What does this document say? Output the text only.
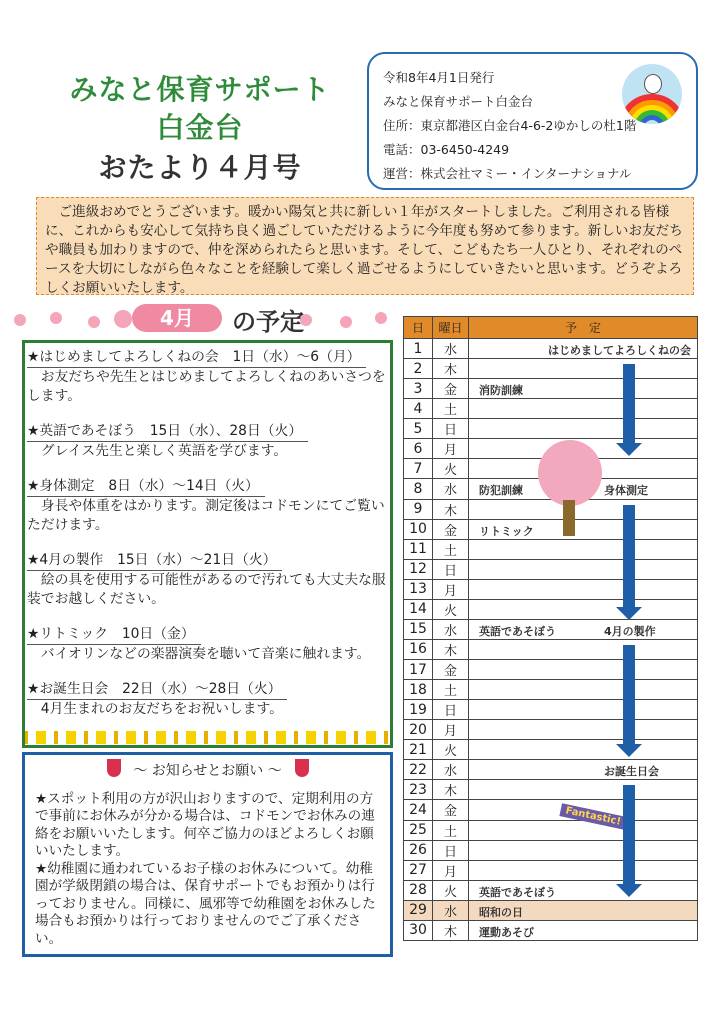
みなと保育サポート
白金台
おたより４月号
令和8年4月1日発行
みなと保育サポート白金台
住所：東京都港区白金台4-6-2ゆかしの杜1階
電話：03-6450-4249
運営：株式会社マミー・インターナショナル
ご進級おめでとうございます。暖かい陽気と共に新しい１年がスタートしました。ご利用される皆様に、これからも安心して気持ち良く過ごしていただけるように今年度も努めて参ります。新しいお友だちや職員も加わりますので、仲を深められたらと思います。そして、こどもたち一人ひとり、それぞれのペースを大切にしながら色々なことを経験して楽しく過ごせるようにしていきたいと思います。どうぞよろしくお願いいたします。
4月	の予定
★はじめましてよろしくねの会　1日（水）～6（月）
お友だちや先生とはじめましてよろしくねのあいさつをします。
★英語であそぼう　15日（水）、28日（火）
グレイス先生と楽しく英語を学びます。
★身体測定　8日（水）～14日（火）
身長や体重をはかります。測定後はコドモンにてご覧いただけます。
★4月の製作　15日（水）～21日（火）
絵の具を使用する可能性があるので汚れても大丈夫な服装でお越しください。
★リトミック　10日（金）
バイオリンなどの楽器演奏を聴いて音楽に触れます。
★お誕生日会　22日（水）～28日（火）
4月生まれのお友だちをお祝いします。
～ お知らせとお願い ～
★スポット利用の方が沢山おりますので、定期利用の方で事前にお休みが分かる場合は、コドモンでお休みの連絡をお願いいたします。何卒ご協力のほどよろしくお願いいたします。
★幼稚園に通われているお子様のお休みについて。幼稚園が学級閉鎖の場合は、保育サポートでもお預かりは行っておりません。同様に、風邪等で幼稚園をお休みした場合もお預かりは行っておりませんのでご了承ください。
日	曜日	予　定
1	水	はじめましてよろしくねの会

2	木	

3	金	消防訓練

4	土	

5	日	

6	月	

7	火	

8	水	防犯訓練 身体測定

9	木	

10	金	リトミック

11	土	

12	日	

13	月	

14	火	

15	水	英語であそぼう 4月の製作

16	木	

17	金	

18	土	

19	日	

20	月	

21	火	

22	水	お誕生日会

23	木	

24	金	

25	土	

26	日	

27	月	

28	火	英語であそぼう

29	水	昭和の日

30	木	運動あそび
Fantastic!
